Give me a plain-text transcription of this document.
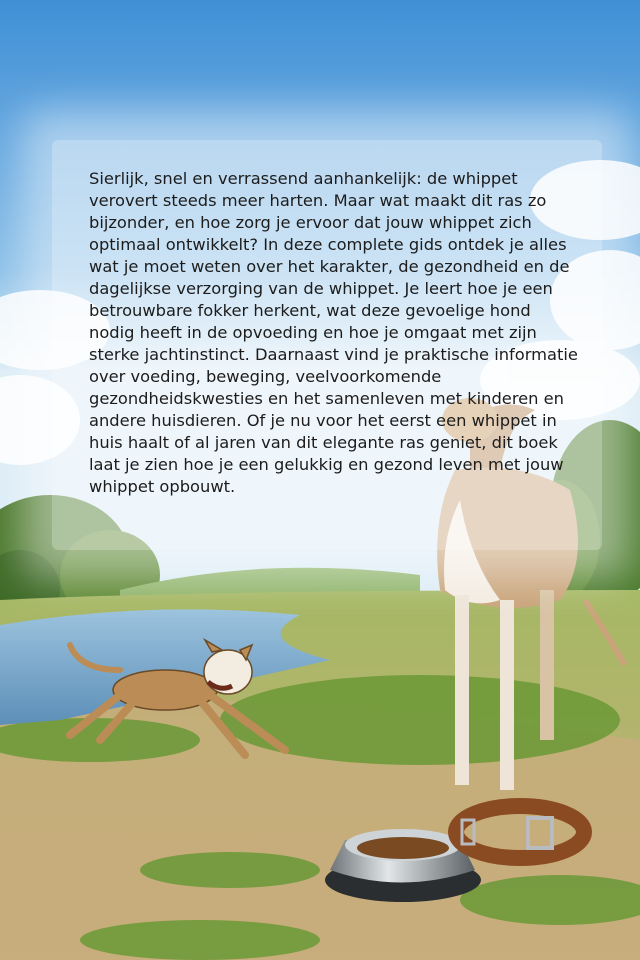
Sierlijk, snel en verrassend aanhankelijk: de whippet verovert steeds meer harten. Maar wat maakt dit ras zo bijzonder, en hoe zorg je ervoor dat jouw whippet zich optimaal ontwikkelt? In deze complete gids ontdek je alles wat je moet weten over het karakter, de gezondheid en de dagelijkse verzorging van de whippet. Je leert hoe je een betrouwbare fokker herkent, wat deze gevoelige hond nodig heeft in de opvoeding en hoe je omgaat met zijn sterke jachtinstinct. Daarnaast vind je praktische informatie over voeding, beweging, veelvoorkomende gezondheidskwesties en het samenleven met kinderen en andere huisdieren. Of je nu voor het eerst een whippet in huis haalt of al jaren van dit elegante ras geniet, dit boek laat je zien hoe je een gelukkig en gezond leven met jouw whippet opbouwt.
